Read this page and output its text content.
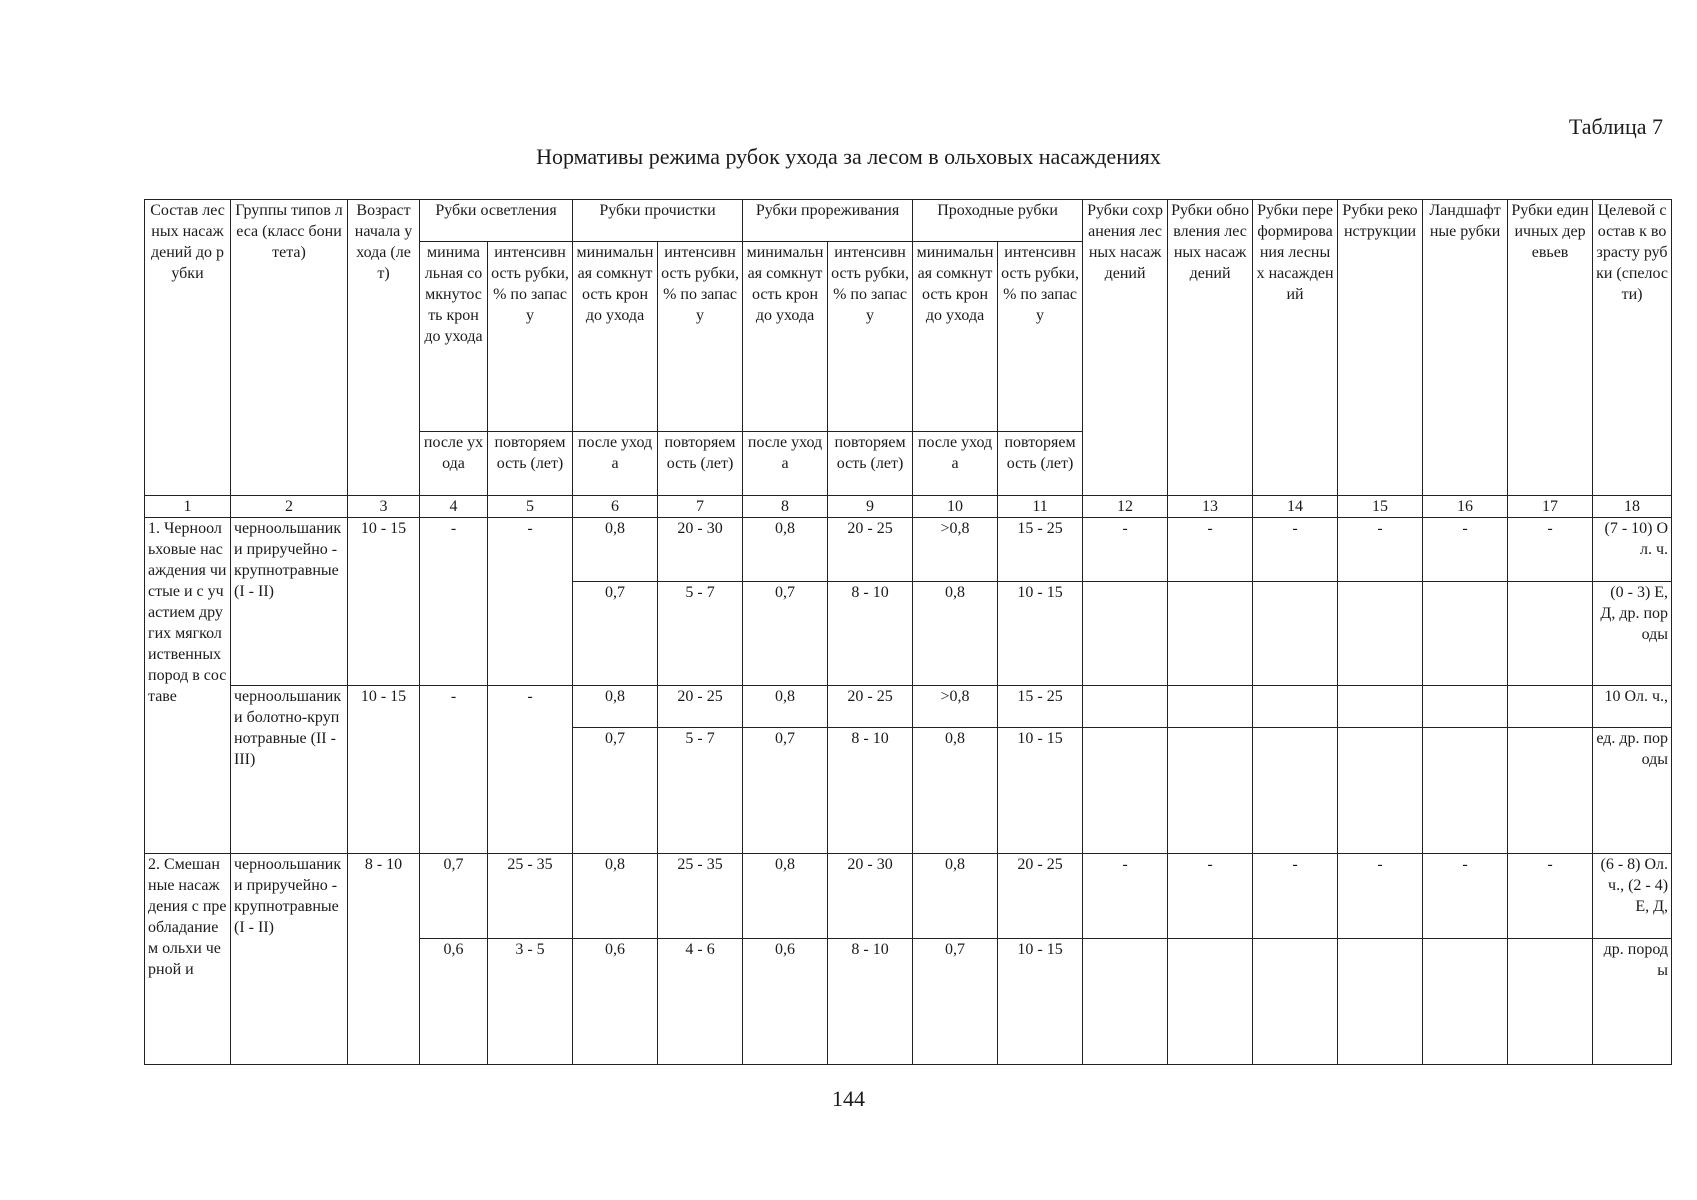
Таблица 7
Нормативы режима рубок ухода за лесом в ольховых насаждениях
Состав лесных насаждений до рубки	Группы типов леса (класс бонитета)	Возраст начала ухода (лет)	Рубки осветления		Рубки прочистки		Рубки прореживания		Проходные рубки		Рубки сохранения лесных насаждений	Рубки обновления лесных насаждений	Рубки переформирования лесных насаждений	Рубки реконструкции	Ландшафтные рубки	Рубки единичных деревьев	Целевой состав к возрасту рубки (спелости)
			минимальная сомкнутость крон до ухода	интенсивность рубки, % по запасу	минимальная сомкнутость крон до ухода	интенсивность рубки, % по запасу	минимальная сомкнутость крон до ухода	интенсивность рубки, % по запасу	минимальная сомкнутость крон до ухода	интенсивность рубки, % по запасу							
			после ухода	повторяемость (лет)	после ухода	повторяемость (лет)	после ухода	повторяемость (лет)	после ухода	повторяемость (лет)							
1	2	3	4	5	6	7	8	9	10	11	12	13	14	15	16	17	18
1. Черноольховые насаждения чистые и с участием других мягколиственных пород в составе	черноольшаники приручейно - крупнотравные (I - II)	10 - 15	-	-	0,8	20 - 30	0,8	20 - 25	>0,8	15 - 25	-	-	-	-	-	-	(7 - 10) Ол. ч.
					0,7	5 - 7	0,7	8 - 10	0,8	10 - 15							(0 - 3) Е, Д, др. породы
	черноольшаники болотно-крупнотравные (II - III)	10 - 15	-	-	0,8	20 - 25	0,8	20 - 25	>0,8	15 - 25							10 Ол. ч.,
					0,7	5 - 7	0,7	8 - 10	0,8	10 - 15							ед. др. породы
2. Смешанные насаждения с преобладанием ольхи черной и	черноольшаники приручейно - крупнотравные (I - II)	8 - 10	0,7	25 - 35	0,8	25 - 35	0,8	20 - 30	0,8	20 - 25	-	-	-	-	-	-	(6 - 8) Ол. ч., (2 - 4) Е, Д,
			0,6	3 - 5	0,6	4 - 6	0,6	8 - 10	0,7	10 - 15							др. породы
144
